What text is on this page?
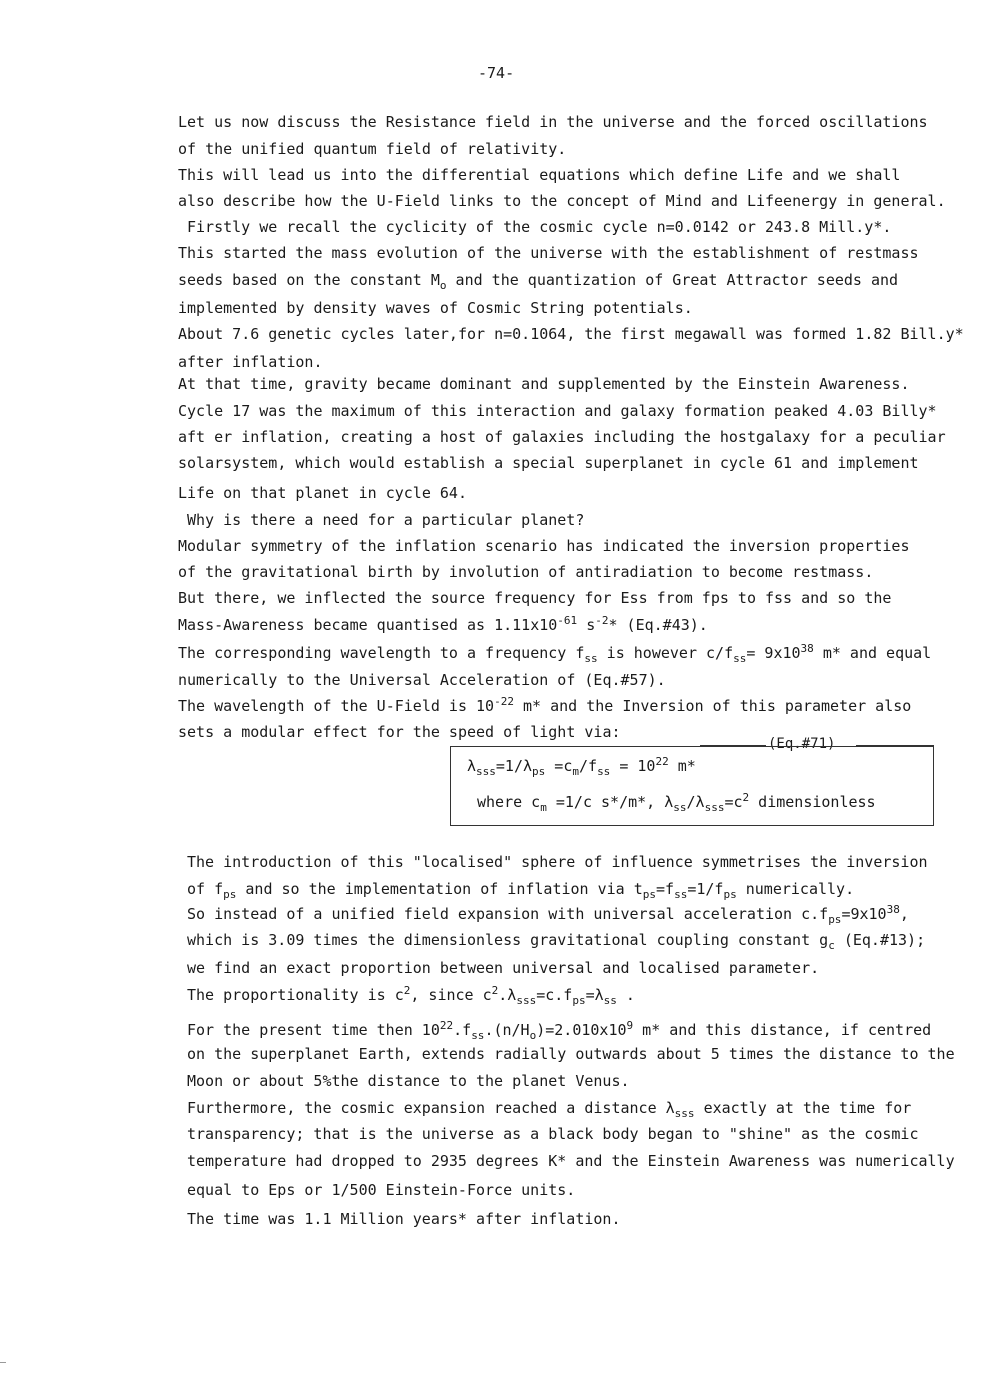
-74-
Let us now discuss the Resistance field in the universe and the forced oscillations
of the unified quantum field of relativity.
This will lead us into the differential equations which define Life and we shall
also describe how the U-Field links to the concept of Mind and Lifeenergy in general.
Firstly we recall the cyclicity of the cosmic cycle n=0.0142 or 243.8 Mill.y*.
This started the mass evolution of the universe with the establishment of restmass
seeds based on the constant $M_o$ and the quantization of Great Attractor seeds and
implemented by density waves of Cosmic String potentials.
About 7.6 genetic cycles later,for n=0.1064, the first megawall was formed 1.82 Bill.y*
after inflation.
At that time, gravity became dominant and supplemented by the Einstein Awareness.
Cycle 17 was the maximum of this interaction and galaxy formation peaked 4.03 Billy*
aft er inflation, creating a host of galaxies including the hostgalaxy for a peculiar
solarsystem, which would establish a special superplanet in cycle 61 and implement
Life on that planet in cycle 64.
Why is there a need for a particular planet?
Modular symmetry of the inflation scenario has indicated the inversion properties
of the gravitational birth by involution of antiradiation to become restmass.
But there, we inflected the source frequency for Ess from fps to fss and so the
Mass-Awareness became quantised as $1.11x10^{-61}$ $s^{-2}*$ (Eq.#43).
The corresponding wavelength to a frequency $f_{ss}$ is however $c/f_{ss}= 9x10^{38}$ m* and equal
numerically to the Universal Acceleration of (Eq.#57).
The wavelength of the U-Field is $10^{-22}$ m* and the Inversion of this parameter also
sets a modular effect for the speed of light via:
(Eq.#71)
$\lambda_{sss}=1/\lambda_{ps} =c_m/f_{ss} = 10^{22}$ m*
where $c_m =1/c$ s*/m*, $\lambda_{ss}/\lambda_{sss}=c^2$ dimensionless
The introduction of this "localised" sphere of influence symmetrises the inversion
of $f_{ps}$ and so the implementation of inflation via $t_{ps}=f_{ss}=1/f_{ps}$ numerically.
So instead of a unified field expansion with universal acceleration $c.f_{ps}=9x10^{38}$,
which is 3.09 times the dimensionless gravitational coupling constant $g_c$ (Eq.#13);
we find an exact proportion between universal and localised parameter.
The proportionality is $c^2$, since $c^2.\lambda_{sss}=c.f_{ps}=\lambda_{ss}$ .
For the present time then $10^{22}.f_{ss}.(n/H_o)=2.010x10^9$ m* and this distance, if centred
on the superplanet Earth, extends radially outwards about 5 times the distance to the
Moon or about 5%the distance to the planet Venus.
Furthermore, the cosmic expansion reached a distance $\lambda_{sss}$ exactly at the time for
transparency; that is the universe as a black body began to "shine" as the cosmic
temperature had dropped to 2935 degrees K* and the Einstein Awareness was numerically
equal to Eps or 1/500 Einstein-Force units.
The time was 1.1 Million years* after inflation.
